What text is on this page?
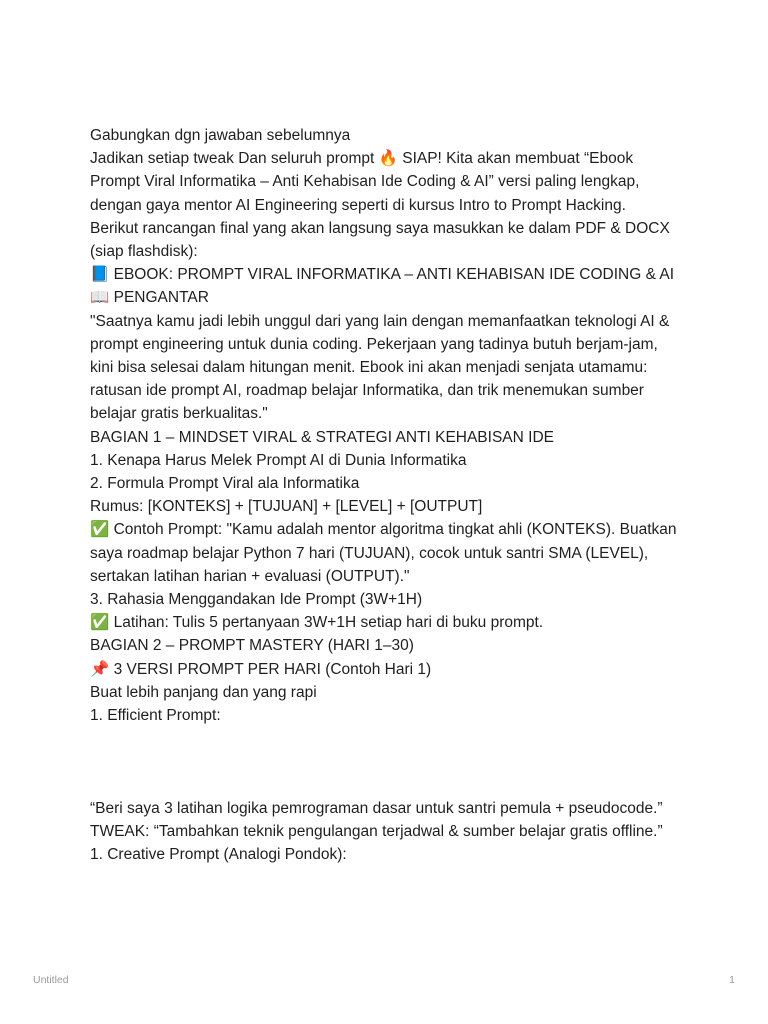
Gabungkan dgn jawaban sebelumnya

Jadikan setiap tweak Dan seluruh prompt 🔥 SIAP! Kita akan membuat “Ebook Prompt Viral Informatika – Anti Kehabisan Ide Coding & AI” versi paling lengkap, dengan gaya mentor AI Engineering seperti di kursus Intro to Prompt Hacking.

Berikut rancangan final yang akan langsung saya masukkan ke dalam PDF & DOCX (siap flashdisk):

📘 EBOOK: PROMPT VIRAL INFORMATIKA – ANTI KEHABISAN IDE CODING & AI

📖 PENGANTAR

"Saatnya kamu jadi lebih unggul dari yang lain dengan memanfaatkan teknologi AI & prompt engineering untuk dunia coding. Pekerjaan yang tadinya butuh berjam-jam, kini bisa selesai dalam hitungan menit. Ebook ini akan menjadi senjata utamamu: ratusan ide prompt AI, roadmap belajar Informatika, dan trik menemukan sumber belajar gratis berkualitas."

BAGIAN 1 – MINDSET VIRAL & STRATEGI ANTI KEHABISAN IDE

1. Kenapa Harus Melek Prompt AI di Dunia Informatika

2. Formula Prompt Viral ala Informatika

Rumus: [KONTEKS] + [TUJUAN] + [LEVEL] + [OUTPUT]

✅ Contoh Prompt: "Kamu adalah mentor algoritma tingkat ahli (KONTEKS). Buatkan saya roadmap belajar Python 7 hari (TUJUAN), cocok untuk santri SMA (LEVEL), sertakan latihan harian + evaluasi (OUTPUT)."

3. Rahasia Menggandakan Ide Prompt (3W+1H)

✅ Latihan: Tulis 5 pertanyaan 3W+1H setiap hari di buku prompt.

BAGIAN 2 – PROMPT MASTERY (HARI 1–30)

📌 3 VERSI PROMPT PER HARI (Contoh Hari 1)

Buat lebih panjang dan yang rapi

1. Efficient Prompt:

“Beri saya 3 latihan logika pemrograman dasar untuk santri pemula + pseudocode.”

TWEAK: “Tambahkan teknik pengulangan terjadwal & sumber belajar gratis offline.”

1. Creative Prompt (Analogi Pondok):

Untitled	1
